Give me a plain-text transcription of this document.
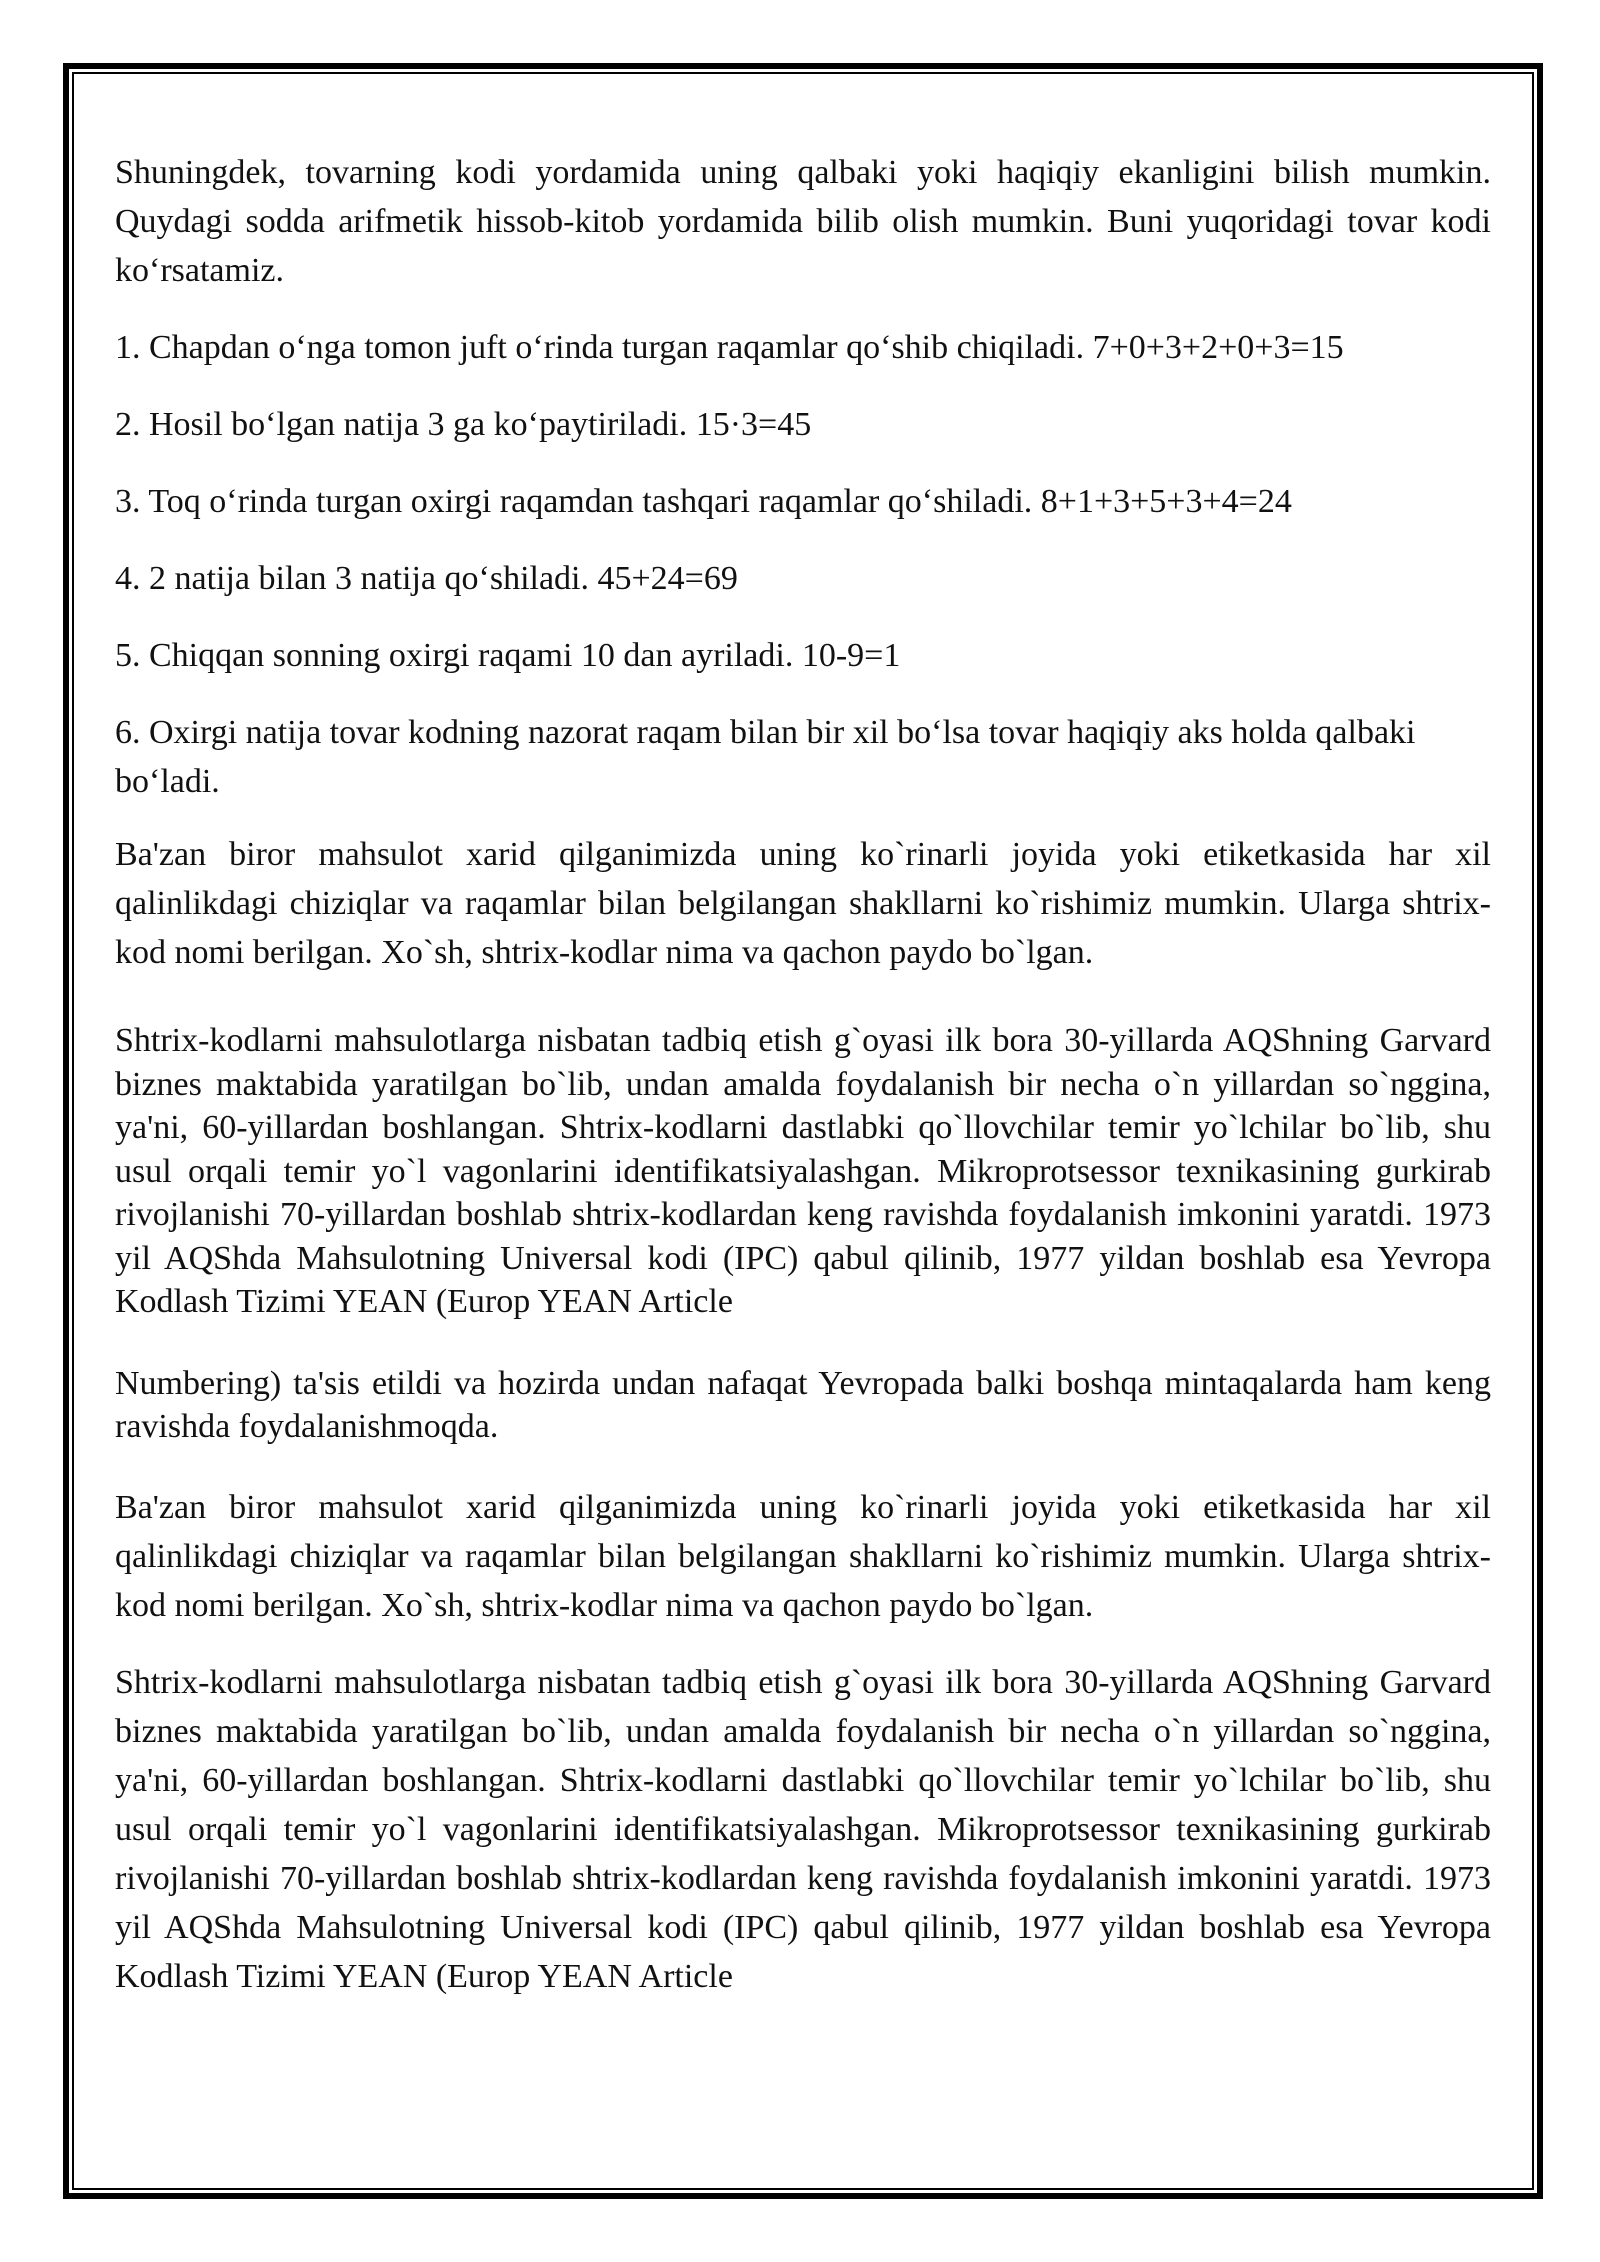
Shuningdek, tovarning kodi yordamida uning qalbaki yoki haqiqiy ekanligini bilish mumkin. Quydagi sodda arifmetik hissob-kitob yordamida bilib olish mumkin. Buni yuqoridagi tovar kodi ko‘rsatamiz.

1. Chapdan o‘nga tomon juft o‘rinda turgan raqamlar qo‘shib chiqiladi. 7+0+3+2+0+3=15

2. Hosil bo‘lgan natija 3 ga ko‘paytiriladi. 15·3=45

3. Toq o‘rinda turgan oxirgi raqamdan tashqari raqamlar qo‘shiladi. 8+1+3+5+3+4=24

4. 2 natija bilan 3 natija qo‘shiladi. 45+24=69

5. Chiqqan sonning oxirgi raqami 10 dan ayriladi. 10-9=1

6. Oxirgi natija tovar kodning nazorat raqam bilan bir xil bo‘lsa tovar haqiqiy aks holda qalbaki bo‘ladi.

Ba'zan biror mahsulot xarid qilganimizda uning ko`rinarli joyida yoki etiketkasida har xil qalinlikdagi chiziqlar va raqamlar bilan belgilangan shakllarni ko`rishimiz mumkin. Ularga shtrix-kod nomi berilgan. Xo`sh, shtrix-kodlar nima va qachon paydo bo`lgan.

Shtrix-kodlarni mahsulotlarga nisbatan tadbiq etish g`oyasi ilk bora 30-yillarda AQShning Garvard biznes maktabida yaratilgan bo`lib, undan amalda foydalanish bir necha o`n yillardan so`nggina, ya'ni, 60-yillardan boshlangan. Shtrix-kodlarni dastlabki qo`llovchilar temir yo`lchilar bo`lib, shu usul orqali temir yo`l vagonlarini identifikatsiyalashgan. Mikroprotsessor texnikasining gurkirab rivojlanishi 70-yillardan boshlab shtrix-kodlardan keng ravishda foydalanish imkonini yaratdi. 1973 yil AQShda Mahsulotning Universal kodi (IPC) qabul qilinib, 1977 yildan boshlab esa Yevropa Kodlash Tizimi YEAN (Europ YEAN Article

Numbering) ta'sis etildi va hozirda undan nafaqat Yevropada balki boshqa mintaqalarda ham keng ravishda foydalanishmoqda.

Ba'zan biror mahsulot xarid qilganimizda uning ko`rinarli joyida yoki etiketkasida har xil qalinlikdagi chiziqlar va raqamlar bilan belgilangan shakllarni ko`rishimiz mumkin. Ularga shtrix-kod nomi berilgan. Xo`sh, shtrix-kodlar nima va qachon paydo bo`lgan.

Shtrix-kodlarni mahsulotlarga nisbatan tadbiq etish g`oyasi ilk bora 30-yillarda AQShning Garvard biznes maktabida yaratilgan bo`lib, undan amalda foydalanish bir necha o`n yillardan so`nggina, ya'ni, 60-yillardan boshlangan. Shtrix-kodlarni dastlabki qo`llovchilar temir yo`lchilar bo`lib, shu usul orqali temir yo`l vagonlarini identifikatsiyalashgan. Mikroprotsessor texnikasining gurkirab rivojlanishi 70-yillardan boshlab shtrix-kodlardan keng ravishda foydalanish imkonini yaratdi. 1973 yil AQShda Mahsulotning Universal kodi (IPC) qabul qilinib, 1977 yildan boshlab esa Yevropa Kodlash Tizimi YEAN (Europ YEAN Article
